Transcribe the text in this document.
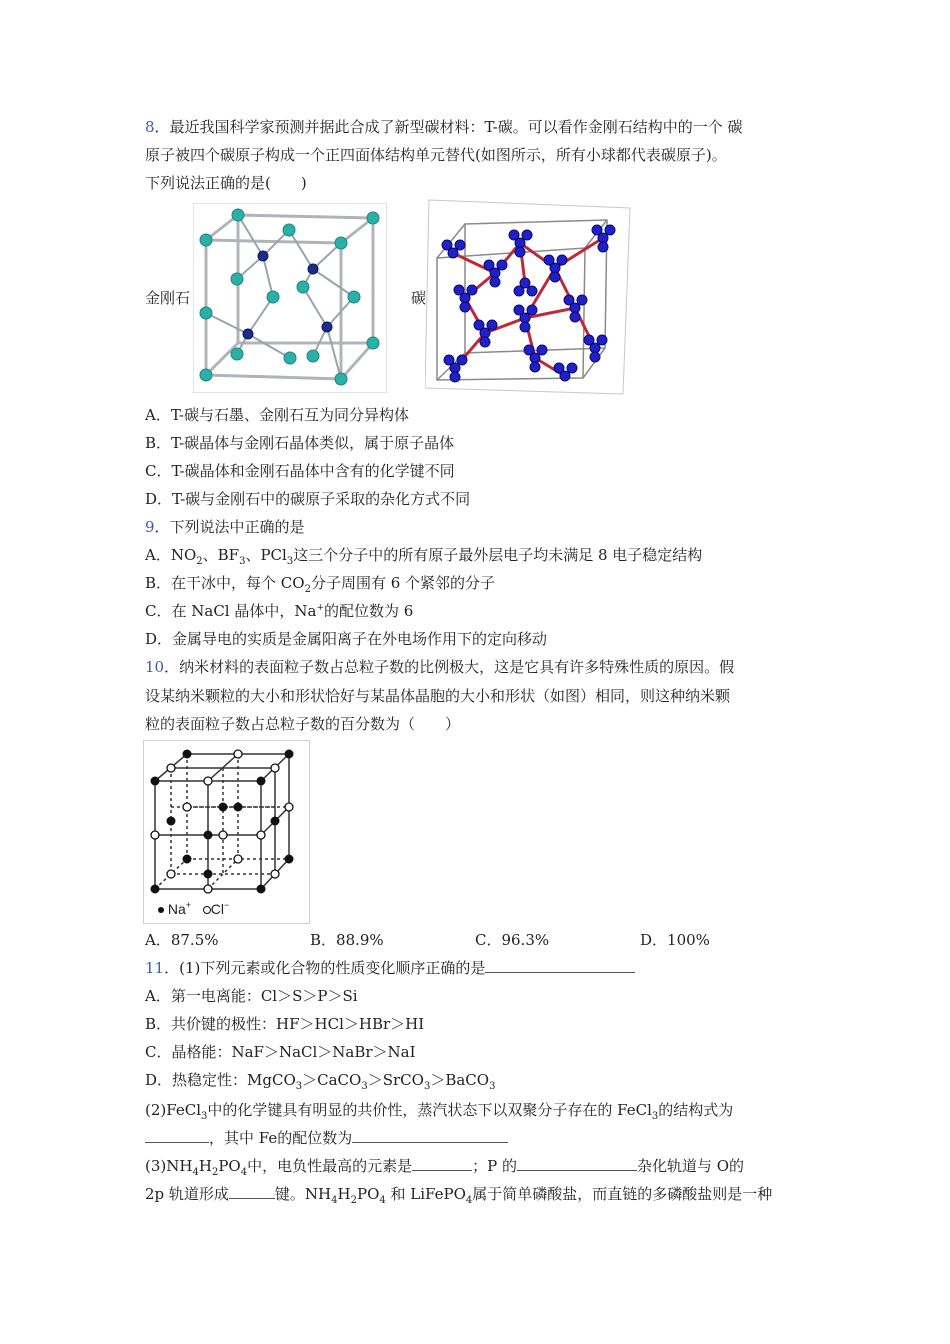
8．最近我国科学家预测并据此合成了新型碳材料：T-碳。可以看作金刚石结构中的一个 碳
原子被四个碳原子构成一个正四面体结构单元替代(如图所示，所有小球都代表碳原子)。
下列说法正确的是(　　)
金刚石	碳
A．T-碳与石墨、金刚石互为同分异构体
B．T-碳晶体与金刚石晶体类似，属于原子晶体
C．T-碳晶体和金刚石晶体中含有的化学键不同
D．T-碳与金刚石中的碳原子采取的杂化方式不同
9．下列说法中正确的是
A．$NO_2$、$BF_3$、PCl$_3$这三个分子中的所有原子最外层电子均未满足 8 电子稳定结构
B．在干冰中，每个 $CO_2$分子周围有 6 个紧邻的分子
C．在 NaCl 晶体中，Na+的配位数为 6
D．金属导电的实质是金属阳离子在外电场作用下的定向移动
10．纳米材料的表面粒子数占总粒子数的比例极大，这是它具有许多特殊性质的原因。假
设某纳米颗粒的大小和形状恰好与某晶体晶胞的大小和形状（如图）相同，则这种纳米颗
粒的表面粒子数占总粒子数的百分数为（　　）
Na+ Cl−
A．87.5%	B．88.9%	C．96.3%	D．100%
11．(1)下列元素或化合物的性质变化顺序正确的是
A．第一电离能：Cl＞S＞P＞Si
B．共价键的极性：HF＞HCl＞HBr＞HI
C．晶格能：NaF＞NaCl＞NaBr＞NaI
D．热稳定性：MgCO$_3$＞CaCO$_3$＞SrCO$_3$＞BaCO$_3$
(2)FeCl$_3$中的化学键具有明显的共价性，蒸汽状态下以双聚分子存在的 FeCl$_3$的结构式为
，其中 Fe的配位数为
$(3)NH_4H_2PO_4$中，电负性最高的元素是	；P 的	杂化轨道与 O的
2p 轨道形成	键。$NH_4H_2PO_4$ 和 LiFePO$_4$属于简单磷酸盐，而直链的多磷酸盐则是一种
